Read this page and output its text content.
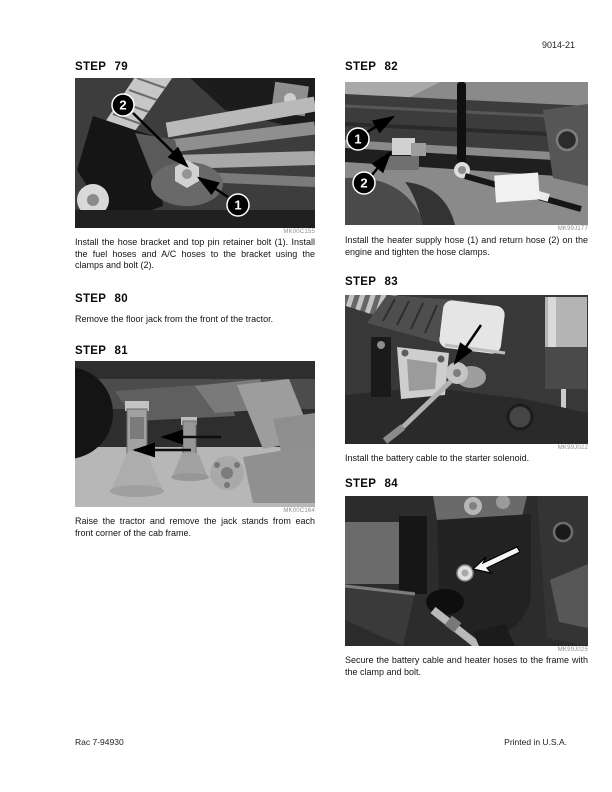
9014-21
STEP 79
2
1
MK00C155
Install the hose bracket and top pin retainer bolt (1). Install the fuel hoses and A/C hoses to the bracket using the clamps and bolt (2).
STEP 80
Remove the floor jack from the front of the tractor.
STEP 81
MK00C164
Raise the tractor and remove the jack stands from each front corner of the cab frame.
STEP 82
1
2
MK99J177
Install the heater supply hose (1) and return hose (2) on the engine and tighten the hose clamps.
STEP 83
MK99J022
Install the battery cable to the starter solenoid.
STEP 84
MK99J025
Secure the battery cable and heater hoses to the frame with the clamp and bolt.
Rac 7-94930	Printed in U.S.A.
